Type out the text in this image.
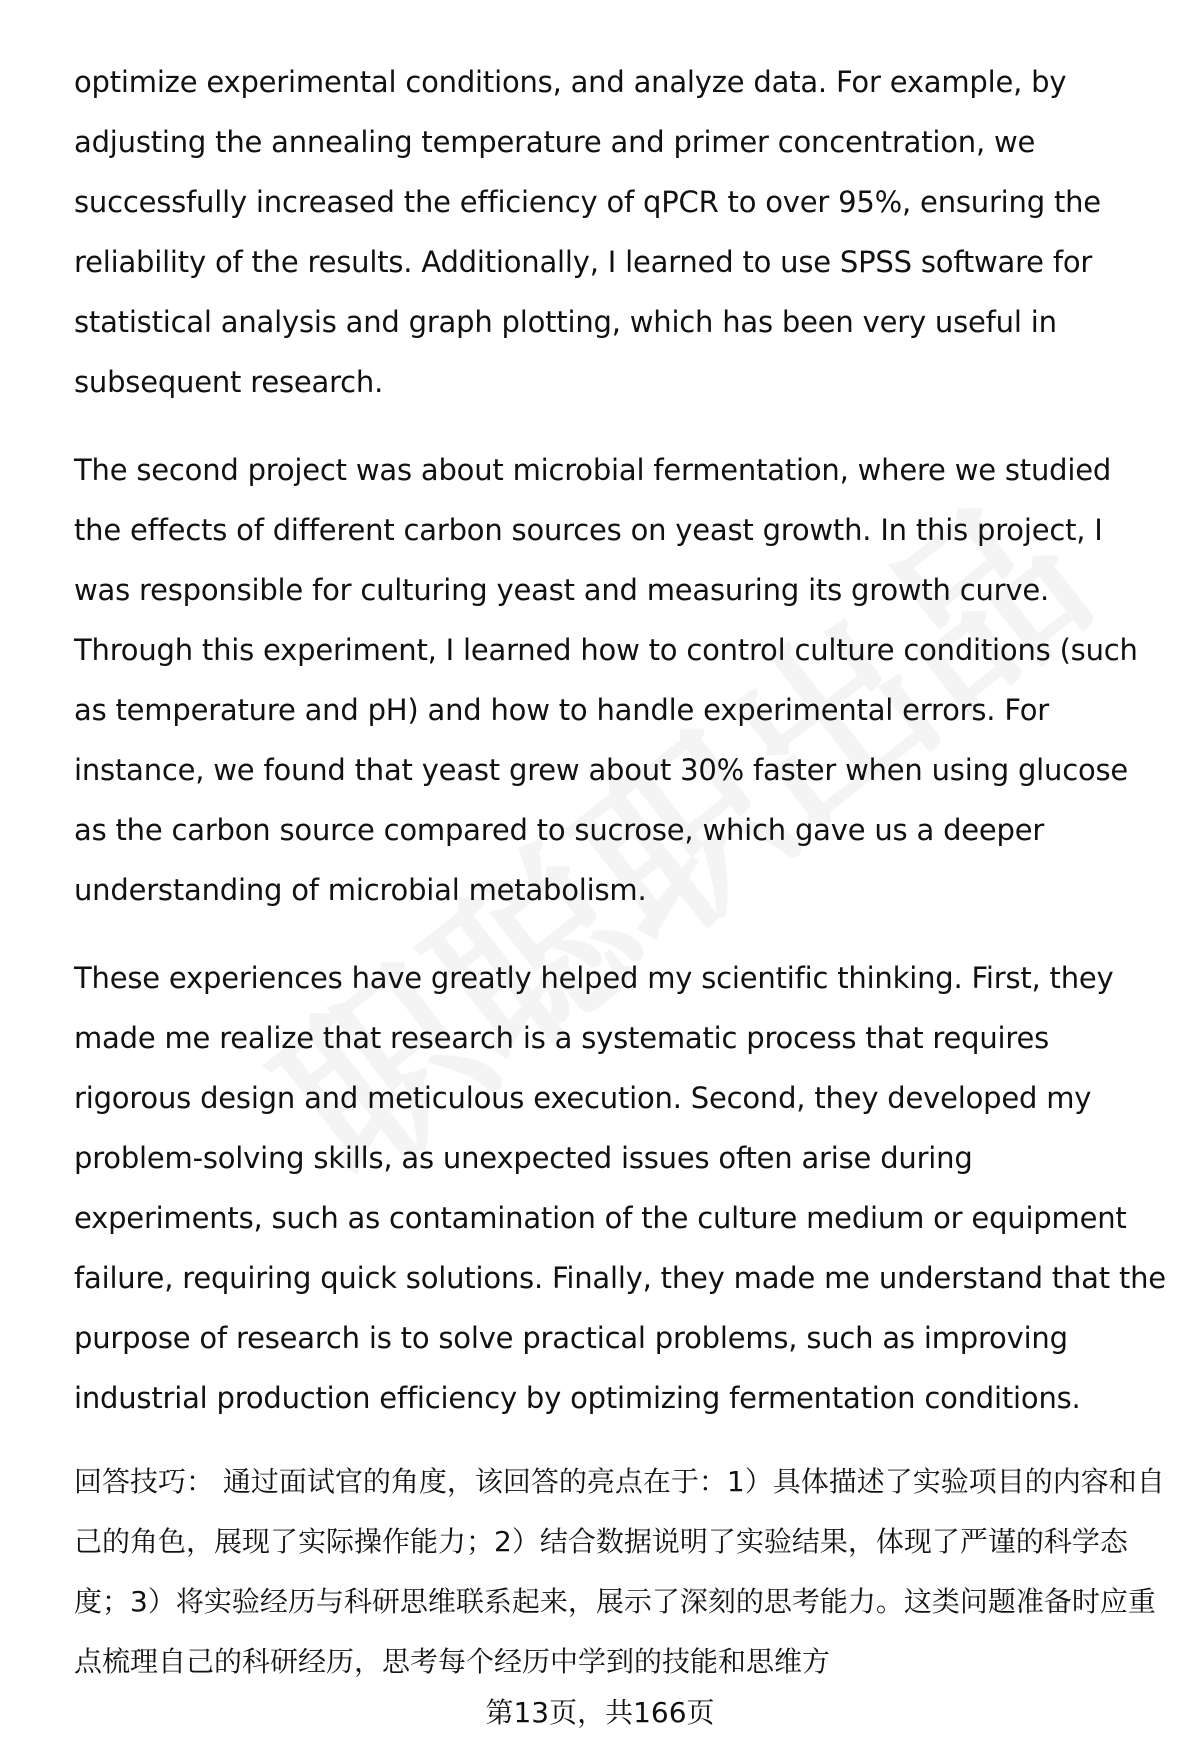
optimize experimental conditions, and analyze data. For example, by adjusting the annealing temperature and primer concentration, we successfully increased the efficiency of qPCR to over 95%, ensuring the reliability of the results. Additionally, I learned to use SPSS software for statistical analysis and graph plotting, which has been very useful in subsequent research.

The second project was about microbial fermentation, where we studied the effects of different carbon sources on yeast growth. In this project, I was responsible for culturing yeast and measuring its growth curve. Through this experiment, I learned how to control culture conditions (such as temperature and pH) and how to handle experimental errors. For instance, we found that yeast grew about 30% faster when using glucose as the carbon source compared to sucrose, which gave us a deeper understanding of microbial metabolism.

These experiences have greatly helped my scientific thinking. First, they made me realize that research is a systematic process that requires rigorous design and meticulous execution. Second, they developed my problem-solving skills, as unexpected issues often arise during experiments, such as contamination of the culture medium or equipment failure, requiring quick solutions. Finally, they made me understand that the purpose of research is to solve practical problems, such as improving industrial production efficiency by optimizing fermentation conditions.

回答技巧： 通过面试官的角度，该回答的亮点在于：1）具体描述了实验项目的内容和自己的角色，展现了实际操作能力；2）结合数据说明了实验结果，体现了严谨的科学态度；3）将实验经历与科研思维联系起来，展示了深刻的思考能力。这类问题准备时应重点梳理自己的科研经历，思考每个经历中学到的技能和思维方

第13页，共166页
